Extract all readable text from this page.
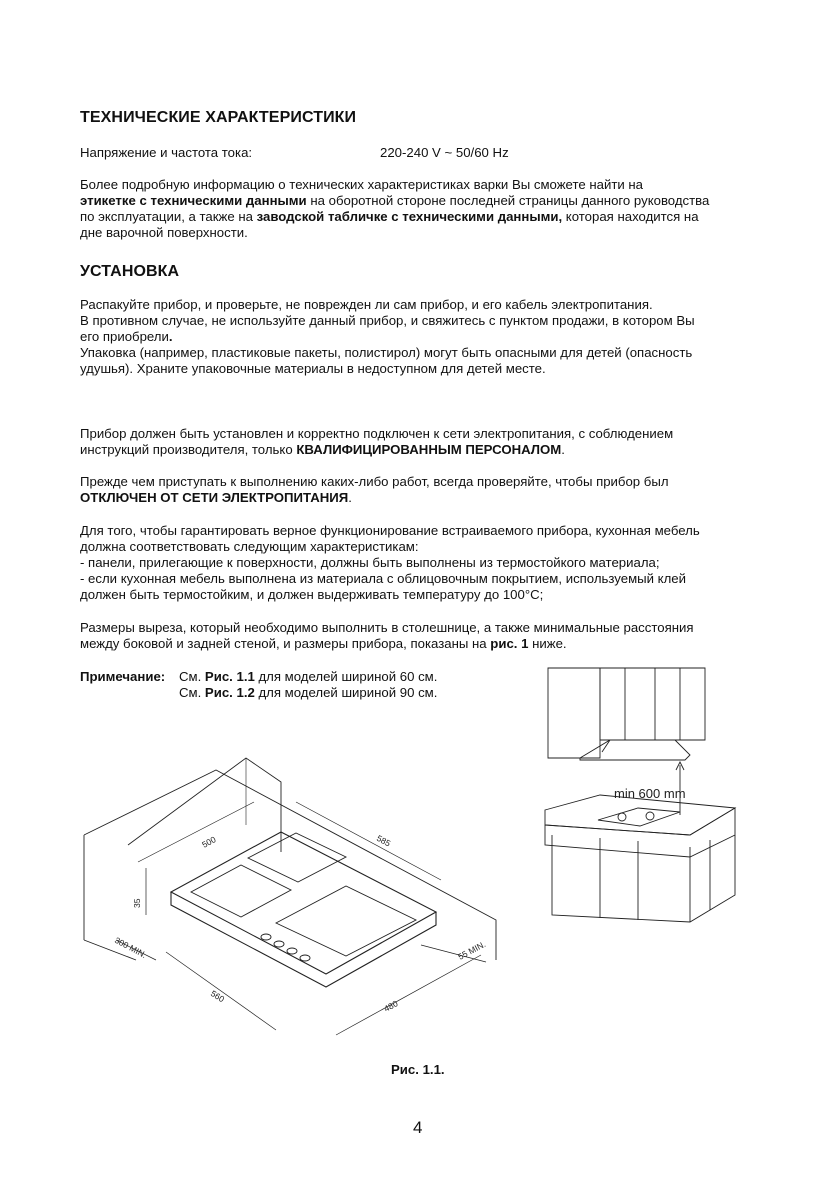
ТЕХНИЧЕСКИЕ ХАРАКТЕРИСТИКИ
Напряжение и частота тока:	220-240 V ~ 50/60 Hz
Более подробную информацию о технических характеристиках варки Вы сможете найти на
этикетке с техническими данными на оборотной стороне последней страницы данного руководства
по эксплуатации, а также на заводской табличке с техническими данными, которая находится на
дне варочной поверхности.
УСТАНОВКА
Распакуйте прибор, и проверьте, не поврежден ли сам прибор, и его кабель электропитания.
В противном случае, не используйте данный прибор, и свяжитесь с пунктом продажи, в котором Вы
его приобрели.
Упаковка (например, пластиковые пакеты, полистирол) могут быть опасными для детей (опасность
удушья). Храните упаковочные материалы в недоступном для детей месте.
Прибор должен быть установлен и корректно подключен к сети электропитания, с соблюдением
инструкций производителя, только КВАЛИФИЦИРОВАННЫМ ПЕРСОНАЛОМ.
Прежде чем приступать к выполнению каких-либо работ, всегда проверяйте, чтобы прибор был
ОТКЛЮЧЕН ОТ СЕТИ ЭЛЕКТРОПИТАНИЯ.
Для того, чтобы гарантировать верное функционирование встраиваемого прибора, кухонная мебель
должна соответствовать следующим характеристикам:
- панели, прилегающие к поверхности, должны быть выполнены из термостойкого материала;
- если кухонная мебель выполнена из материала с облицовочным покрытием, используемый клей
должен быть термостойким, и должен выдерживать температуру до 100°C;
Размеры выреза, который необходимо выполнить в столешнице, а также минимальные расстояния
между боковой и задней стеной, и размеры прибора, показаны на рис. 1 ниже.
Примечание: См. Рис. 1.1 для моделей шириной 60 см.
См. Рис. 1.2 для моделей шириной 90 см.
500	585
35
300 MIN.
560
480
55 MIN.
min 600 mm
Рис. 1.1.
4
